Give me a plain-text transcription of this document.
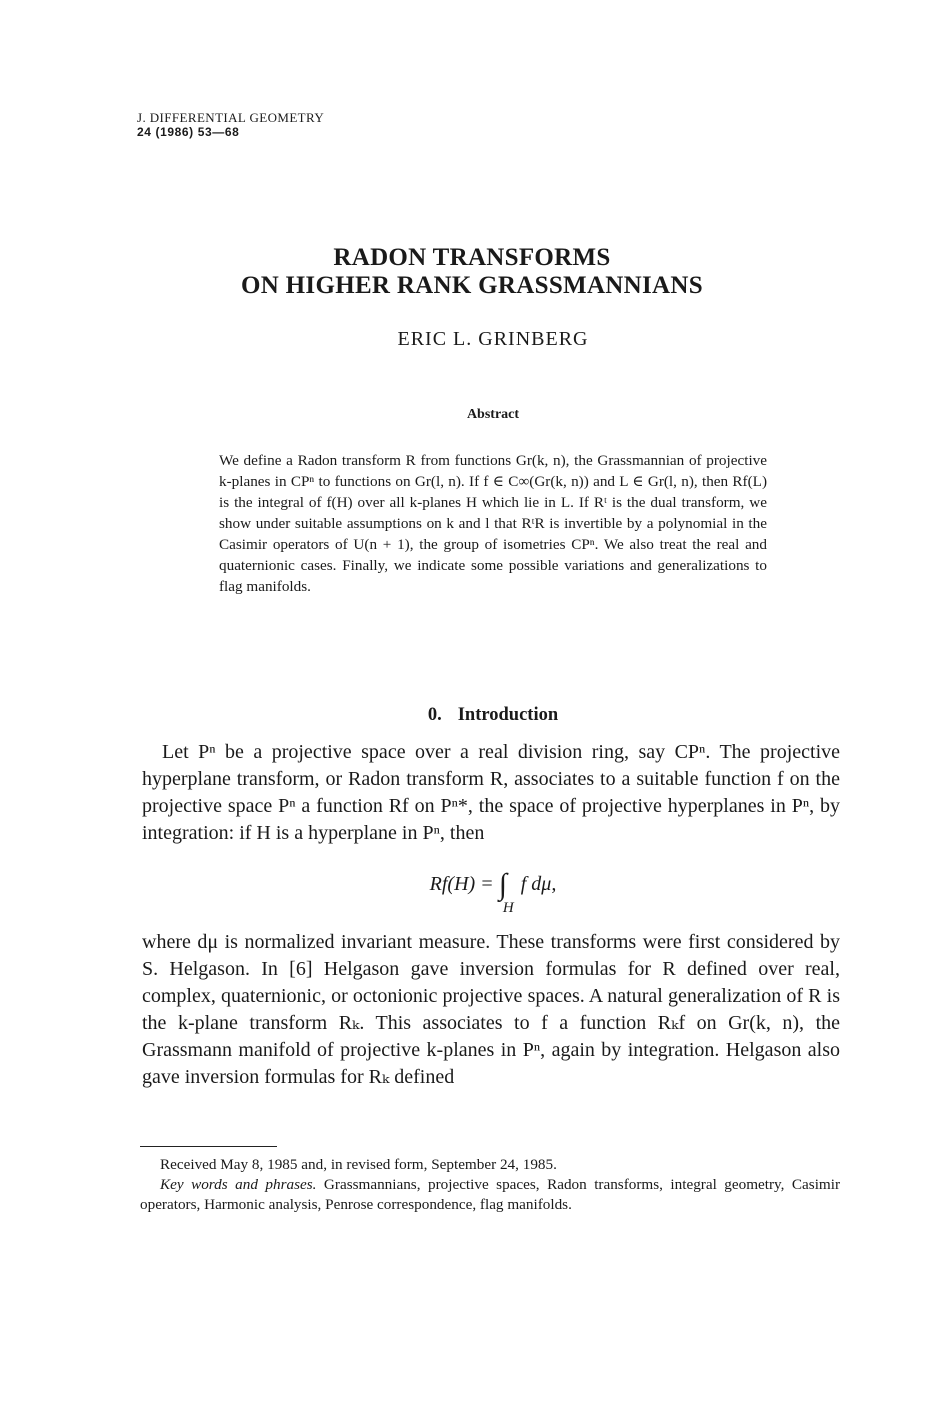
J. DIFFERENTIAL GEOMETRY
24 (1986) 53—68
RADON TRANSFORMS
ON HIGHER RANK GRASSMANNIANS
ERIC L. GRINBERG
Abstract
We define a Radon transform R from functions Gr(k, n), the Grassmannian of projective k-planes in CPⁿ to functions on Gr(l, n). If f ∈ C∞(Gr(k, n)) and L ∈ Gr(l, n), then Rf(L) is the integral of f(H) over all k-planes H which lie in L. If Rᵗ is the dual transform, we show under suitable assumptions on k and l that RᵗR is invertible by a polynomial in the Casimir operators of U(n + 1), the group of isometries CPⁿ. We also treat the real and quaternionic cases. Finally, we indicate some possible variations and generalizations to flag manifolds.
0. Introduction
Let Pⁿ be a projective space over a real division ring, say CPⁿ. The projective hyperplane transform, or Radon transform R, associates to a suitable function f on the projective space Pⁿ a function Rf on Pⁿ*, the space of projective hyperplanes in Pⁿ, by integration: if H is a hyperplane in Pⁿ, then
$Rf(H) = \int_H$ f dμ,
where dμ is normalized invariant measure. These transforms were first considered by S. Helgason. In [6] Helgason gave inversion formulas for R defined over real, complex, quaternionic, or octonionic projective spaces. A natural generalization of R is the k-plane transform Rₖ. This associates to f a function Rₖf on Gr(k, n), the Grassmann manifold of projective k-planes in Pⁿ, again by integration. Helgason also gave inversion formulas for Rₖ defined
Received May 8, 1985 and, in revised form, September 24, 1985.
Key words and phrases. Grassmannians, projective spaces, Radon transforms, integral geometry, Casimir operators, Harmonic analysis, Penrose correspondence, flag manifolds.
